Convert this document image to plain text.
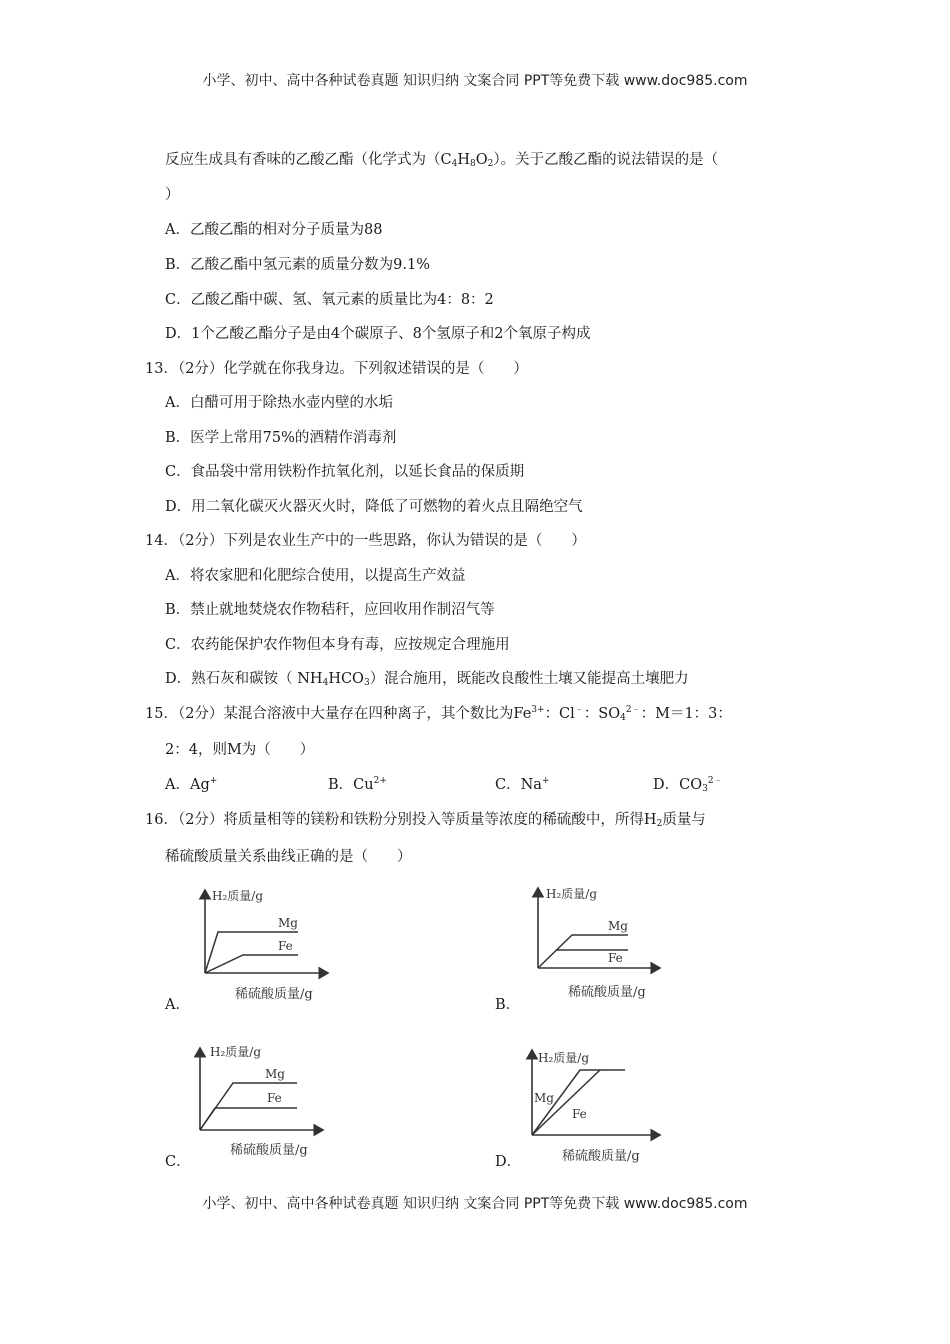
小学、初中、高中各种试卷真题 知识归纳 文案合同 PPT等免费下载 www.doc985.com
反应生成具有香味的乙酸乙酯（化学式为$(C_4H_8O_2)$。关于乙酸乙酯的说法错误的是（
）
A．乙酸乙酯的相对分子质量为88
B．乙酸乙酯中氢元素的质量分数为9.1%
C．乙酸乙酯中碳、氢、氧元素的质量比为4：8：2
D．1个乙酸乙酯分子是由4个碳原子、8个氢原子和2个氧原子构成
13．（2分）化学就在你我身边。下列叙述错误的是（　　）
A．白醋可用于除热水壶内壁的水垢
B．医学上常用75%的酒精作消毒剂
C．食品袋中常用铁粉作抗氧化剂，以延长食品的保质期
D．用二氧化碳灭火器灭火时，降低了可燃物的着火点且隔绝空气
14．（2分）下列是农业生产中的一些思路，你认为错误的是（　　）
A．将农家肥和化肥综合使用，以提高生产效益
B．禁止就地焚烧农作物秸秆，应回收用作制沼气等
C．农药能保护农作物但本身有毒，应按规定合理施用
D．熟石灰和碳铵（ $NH_4HCO_3$）混合施用，既能改良酸性土壤又能提高土壤肥力
15．（2分）某混合溶液中大量存在四种离子，其个数比为$Fe^{3+}$：Cl﹣：$SO_4^{2﹣}$：M＝1：3：
2：4，则M为（　　）
A．Ag+	B．$Cu^{2+}$	C．Na+	D．$CO_3^{2﹣}$
16．（2分）将质量相等的镁粉和铁粉分别投入等质量等浓度的稀硫酸中，所得$H_2$质量与
稀硫酸质量关系曲线正确的是（　　）
H₂质量/g
Mg
Fe
稀硫酸质量/g
A．
H₂质量/g
Mg
Fe
稀硫酸质量/g
B．
H₂质量/g
Mg
Fe
稀硫酸质量/g
C．
H₂质量/g
Mg
Fe
稀硫酸质量/g
D．
小学、初中、高中各种试卷真题 知识归纳 文案合同 PPT等免费下载 www.doc985.com
